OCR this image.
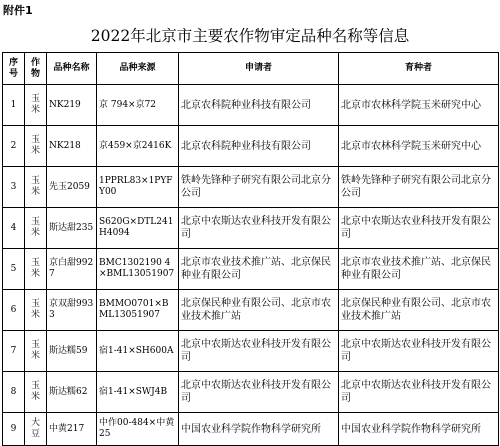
附件1
2022年北京市主要农作物审定品种名称等信息
序号	作物	品种名称	品种来源	申请者	育种者
1	玉米	NK219	京 794×京72	北京农科院种业科技有限公司	北京市农林科学院玉米研究中心
2	玉米	NK218	京459×京2416K	北京农科院种业科技有限公司	北京市农林科学院玉米研究中心
3	玉米	先玉2059	1PPRL83×1PYFY00	铁岭先锋种子研究有限公司北京分公司	铁岭先锋种子研究有限公司北京分公司
4	玉米	斯达甜235	S620G×DTL241H4094	北京中农斯达农业科技开发有限公司	北京中农斯达农业科技开发有限公司
5	玉米	京白甜9927	BMC1302190 4×BML13051907	北京市农业技术推广站、北京保民种业有限公司	北京市农业技术推广站、北京保民种业有限公司
6	玉米	京双甜9933	BMMO0701×BML13051907	北京保民种业有限公司、北京市农业技术推广站	北京保民种业有限公司、北京市农业技术推广站
7	玉米	斯达糯59	宿1-41×SH600A	北京中农斯达农业科技开发有限公司	北京中农斯达农业科技开发有限公司
8	玉米	斯达糯62	宿1-41×SWJ4B	北京中农斯达农业科技开发有限公司	北京中农斯达农业科技开发有限公司
9	大豆	中黄217	中作00-484×中黄25	中国农业科学院作物科学研究所	中国农业科学院作物科学研究所
